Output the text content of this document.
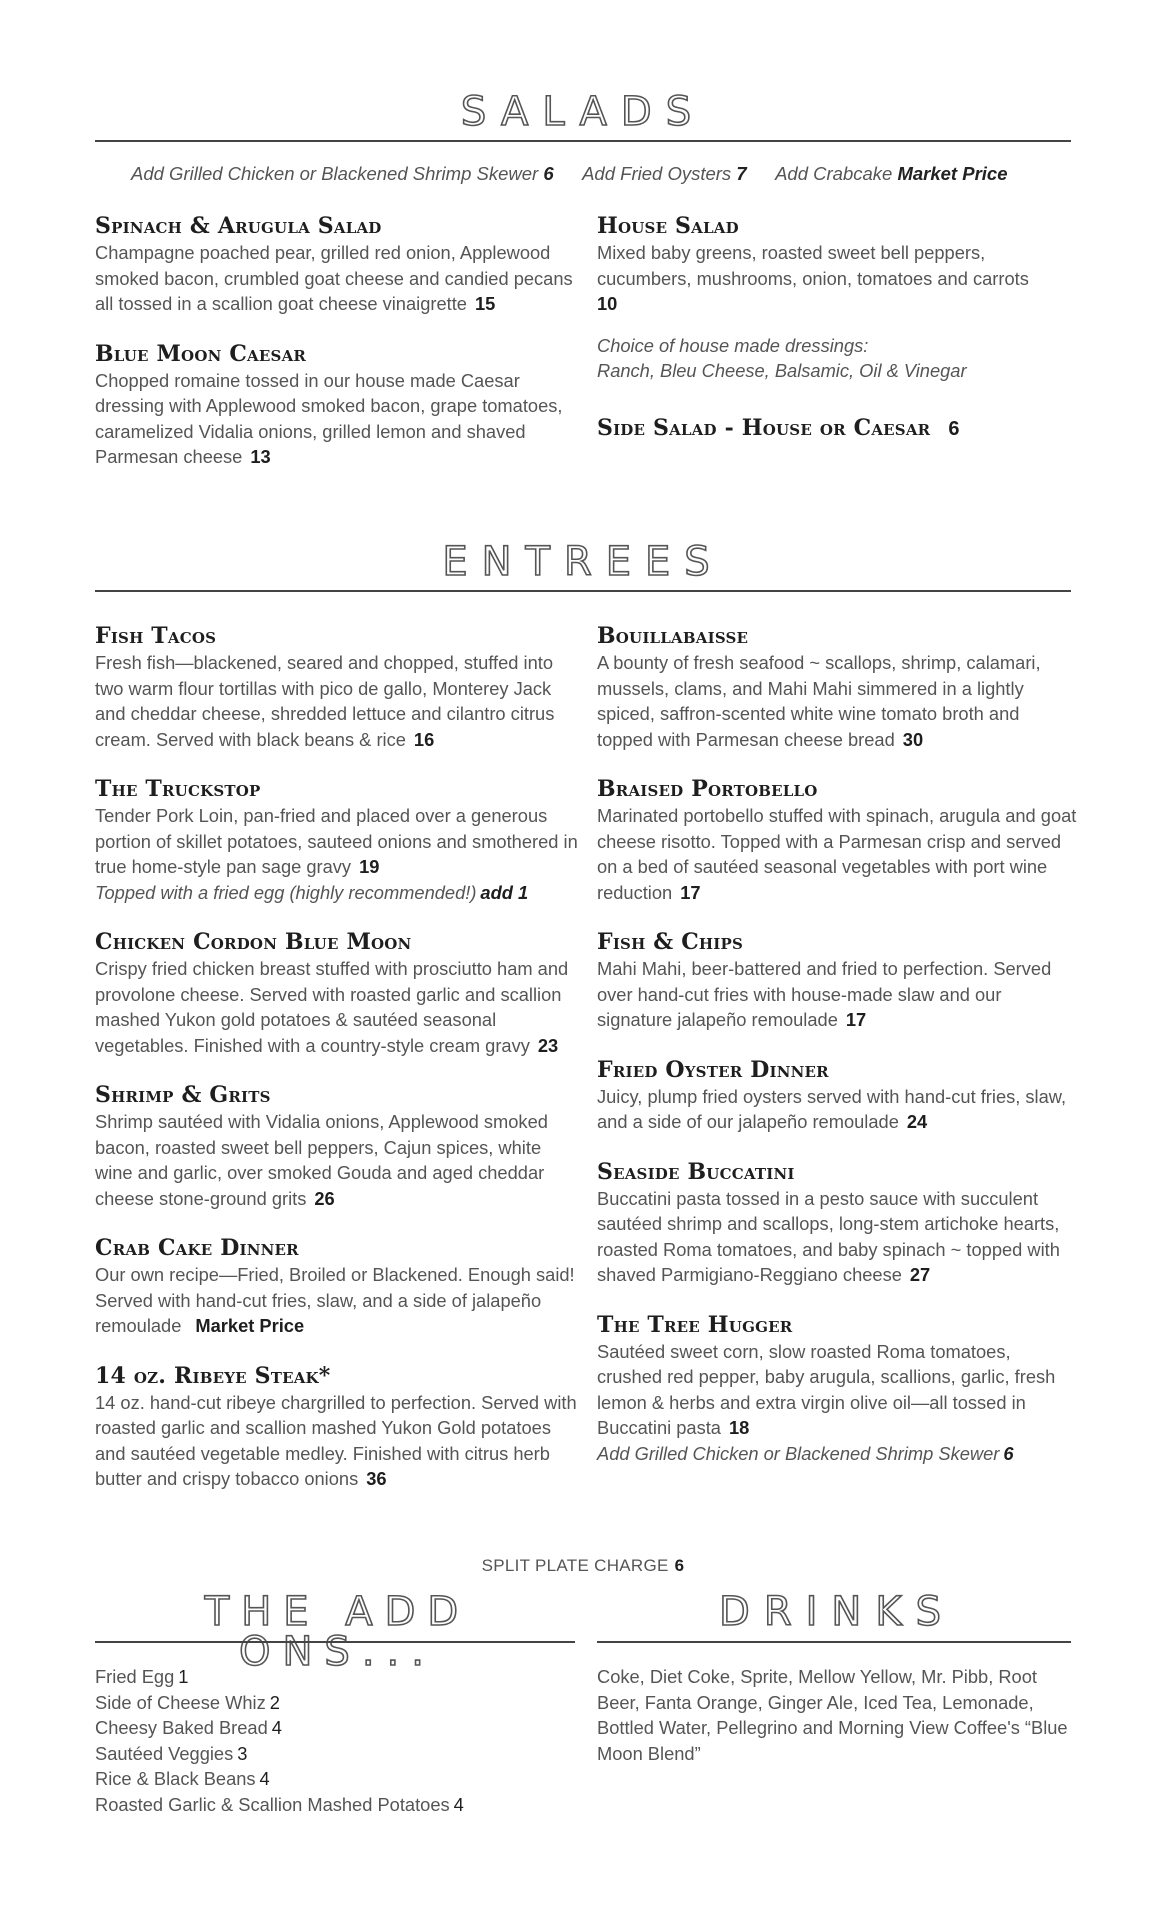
SALADS
Add Grilled Chicken or Blackened Shrimp Skewer 6 Add Fried Oysters 7 Add Crabcake Market Price
Spinach & Arugula Salad
Champagne poached pear, grilled red onion, Applewood smoked bacon, crumbled goat cheese and candied pecans all tossed in a scallion goat cheese vinaigrette 15
Blue Moon Caesar
Chopped romaine tossed in our house made Caesar dressing with Applewood smoked bacon, grape tomatoes, caramelized Vidalia onions, grilled lemon and shaved Parmesan cheese 13
House Salad
Mixed baby greens, roasted sweet bell peppers, cucumbers, mushrooms, onion, tomatoes and carrots
10
Choice of house made dressings:
Ranch, Bleu Cheese, Balsamic, Oil & Vinegar
Side Salad - House or Caesar 6
ENTREES
Fish Tacos
Fresh fish—blackened, seared and chopped, stuffed into two warm flour tortillas with pico de gallo, Monterey Jack and cheddar cheese, shredded lettuce and cilantro citrus cream. Served with black beans & rice 16
The Truckstop
Tender Pork Loin, pan-fried and placed over a generous portion of skillet potatoes, sauteed onions and smothered in true home-style pan sage gravy 19
Topped with a fried egg (highly recommended!) add 1
Chicken Cordon Blue Moon
Crispy fried chicken breast stuffed with prosciutto ham and provolone cheese. Served with roasted garlic and scallion mashed Yukon gold potatoes & sautéed seasonal vegetables. Finished with a country-style cream gravy 23
Shrimp & Grits
Shrimp sautéed with Vidalia onions, Applewood smoked bacon, roasted sweet bell peppers, Cajun spices, white wine and garlic, over smoked Gouda and aged cheddar cheese stone-ground grits 26
Crab Cake Dinner
Our own recipe—Fried, Broiled or Blackened. Enough said! Served with hand-cut fries, slaw, and a side of jalapeño remoulade Market Price
14 oz. Ribeye Steak*
14 oz. hand-cut ribeye chargrilled to perfection. Served with roasted garlic and scallion mashed Yukon Gold potatoes and sautéed vegetable medley. Finished with citrus herb butter and crispy tobacco onions 36
Bouillabaisse
A bounty of fresh seafood ~ scallops, shrimp, calamari, mussels, clams, and Mahi Mahi simmered in a lightly spiced, saffron-scented white wine tomato broth and topped with Parmesan cheese bread 30
Braised Portobello
Marinated portobello stuffed with spinach, arugula and goat cheese risotto. Topped with a Parmesan crisp and served on a bed of sautéed seasonal vegetables with port wine reduction 17
Fish & Chips
Mahi Mahi, beer-battered and fried to perfection. Served over hand-cut fries with house-made slaw and our signature jalapeño remoulade 17
Fried Oyster Dinner
Juicy, plump fried oysters served with hand-cut fries, slaw, and a side of our jalapeño remoulade 24
Seaside Buccatini
Buccatini pasta tossed in a pesto sauce with succulent sautéed shrimp and scallops, long-stem artichoke hearts, roasted Roma tomatoes, and baby spinach ~ topped with shaved Parmigiano-Reggiano cheese 27
The Tree Hugger
Sautéed sweet corn, slow roasted Roma tomatoes, crushed red pepper, baby arugula, scallions, garlic, fresh lemon & herbs and extra virgin olive oil—all tossed in Buccatini pasta 18
Add Grilled Chicken or Blackened Shrimp Skewer 6
SPLIT PLATE CHARGE 6
THE ADD ONS...
Fried Egg 1
Side of Cheese Whiz 2
Cheesy Baked Bread 4
Sautéed Veggies 3
Rice & Black Beans 4
Roasted Garlic & Scallion Mashed Potatoes 4
DRINKS
Coke, Diet Coke, Sprite, Mellow Yellow, Mr. Pibb, Root Beer, Fanta Orange, Ginger Ale, Iced Tea, Lemonade, Bottled Water, Pellegrino and Morning View Coffee's “Blue Moon Blend”
